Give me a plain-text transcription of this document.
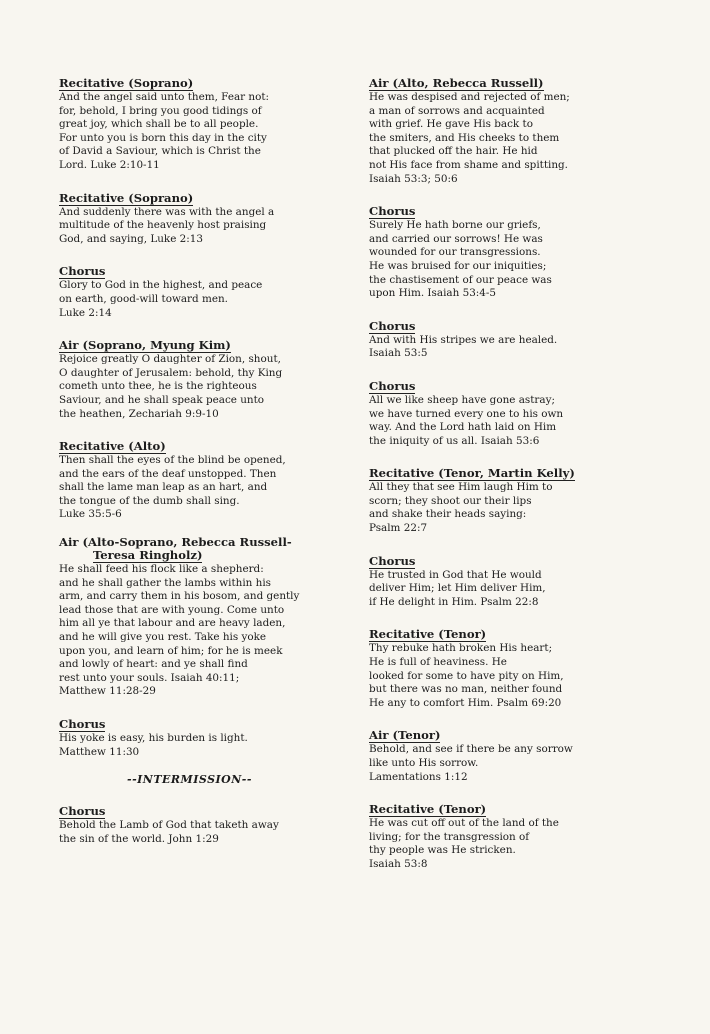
Recitative (Soprano)
And the angel said unto them, Fear not:
for, behold, I bring you good tidings of
great joy, which shall be to all people.
For unto you is born this day in the city
of David a Saviour, which is Christ the
Lord. Luke 2:10-11
Recitative (Soprano)
And suddenly there was with the angel a
multitude of the heavenly host praising
God, and saying, Luke 2:13
Chorus
Glory to God in the highest, and peace
on earth, good-will toward men.
Luke 2:14
Air (Soprano, Myung Kim)
Rejoice greatly O daughter of Zion, shout,
O daughter of Jerusalem: behold, thy King
cometh unto thee, he is the righteous
Saviour, and he shall speak peace unto
the heathen, Zechariah 9:9-10
Recitative (Alto)
Then shall the eyes of the blind be opened,
and the ears of the deaf unstopped. Then
shall the lame man leap as an hart, and
the tongue of the dumb shall sing.
Luke 35:5-6
Air (Alto-Soprano, Rebecca Russell-
Teresa Ringholz)
He shall feed his flock like a shepherd:
and he shall gather the lambs within his
arm, and carry them in his bosom, and gently
lead those that are with young. Come unto
him all ye that labour and are heavy laden,
and he will give you rest. Take his yoke
upon you, and learn of him; for he is meek
and lowly of heart: and ye shall find
rest unto your souls. Isaiah 40:11;
Matthew 11:28-29
Chorus
His yoke is easy, his burden is light.
Matthew 11:30
--INTERMISSION--
Chorus
Behold the Lamb of God that taketh away
the sin of the world. John 1:29
Air (Alto, Rebecca Russell)
He was despised and rejected of men;
a man of sorrows and acquainted
with grief. He gave His back to
the smiters, and His cheeks to them
that plucked off the hair. He hid
not His face from shame and spitting.
Isaiah 53:3; 50:6
Chorus
Surely He hath borne our griefs,
and carried our sorrows! He was
wounded for our transgressions.
He was bruised for our iniquities;
the chastisement of our peace was
upon Him. Isaiah 53:4-5
Chorus
And with His stripes we are healed.
Isaiah 53:5
Chorus
All we like sheep have gone astray;
we have turned every one to his own
way. And the Lord hath laid on Him
the iniquity of us all. Isaiah 53:6
Recitative (Tenor, Martin Kelly)
All they that see Him laugh Him to
scorn; they shoot our their lips
and shake their heads saying:
Psalm 22:7
Chorus
He trusted in God that He would
deliver Him; let Him deliver Him,
if He delight in Him. Psalm 22:8
Recitative (Tenor)
Thy rebuke hath broken His heart;
He is full of heaviness. He
looked for some to have pity on Him,
but there was no man, neither found
He any to comfort Him. Psalm 69:20
Air (Tenor)
Behold, and see if there be any sorrow
like unto His sorrow.
Lamentations 1:12
Recitative (Tenor)
He was cut off out of the land of the
living; for the transgression of
thy people was He stricken.
Isaiah 53:8
